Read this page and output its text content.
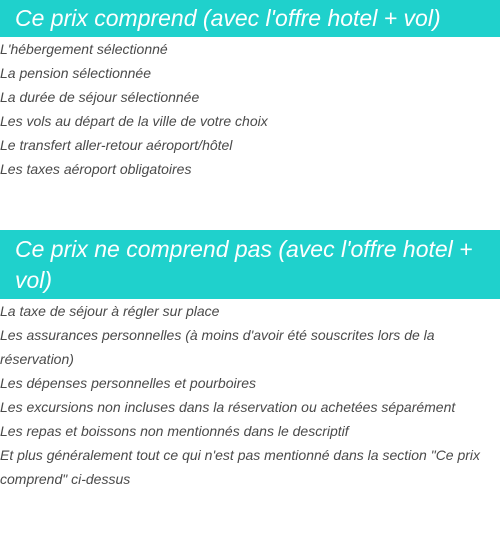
Ce prix comprend (avec l'offre hotel + vol)
L'hébergement sélectionné
La pension sélectionnée
La durée de séjour sélectionnée
Les vols au départ de la ville de votre choix
Le transfert aller-retour aéroport/hôtel
Les taxes aéroport obligatoires
Ce prix ne comprend pas (avec l'offre hotel + vol)
La taxe de séjour à régler sur place
Les assurances personnelles (à moins d'avoir été souscrites lors de la réservation)
Les dépenses personnelles et pourboires
Les excursions non incluses dans la réservation ou achetées séparément
Les repas et boissons non mentionnés dans le descriptif
Et plus généralement tout ce qui n'est pas mentionné dans la section "Ce prix comprend" ci-dessus
